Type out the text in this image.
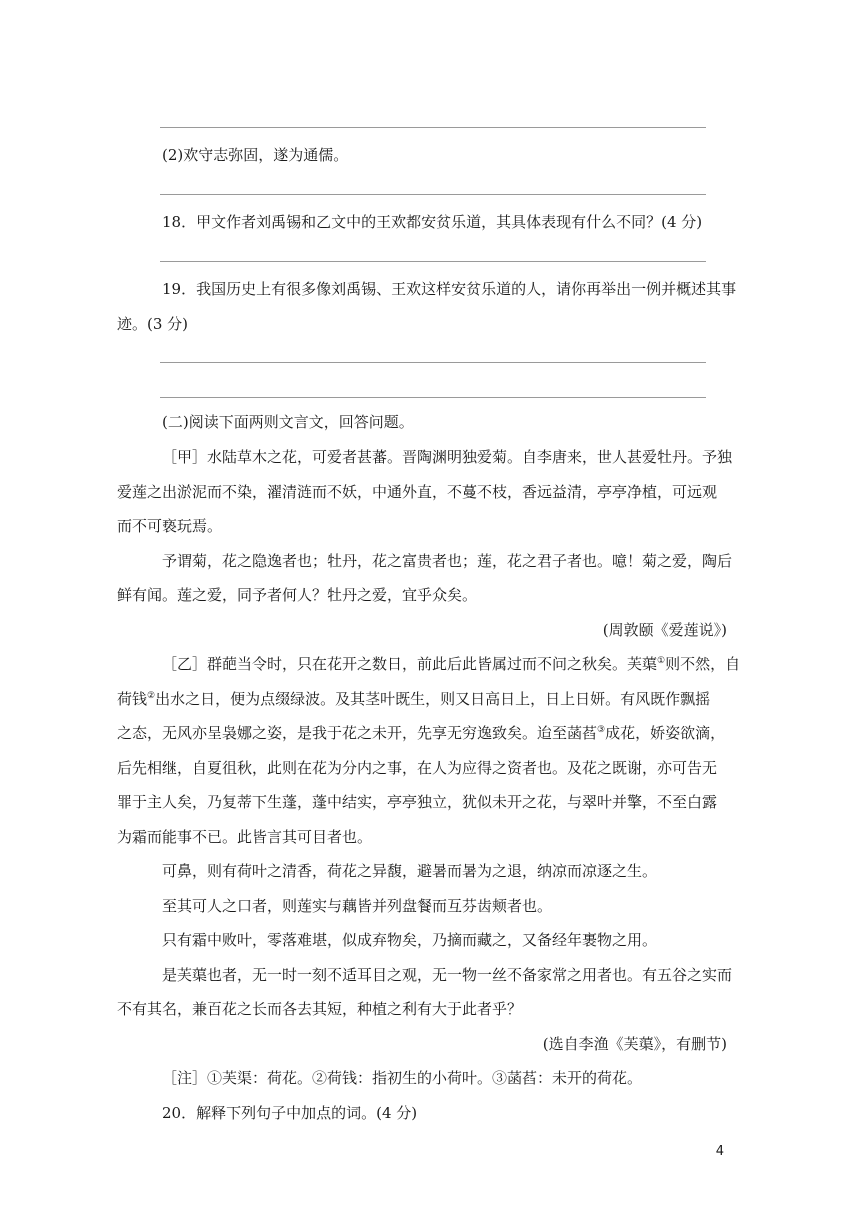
(2)欢守志弥固，遂为通儒。
18．甲文作者刘禹锡和乙文中的王欢都安贫乐道，其具体表现有什么不同？(4 分)
19．我国历史上有很多像刘禹锡、王欢这样安贫乐道的人，请你再举出一例并概述其事
迹。(3 分)
(二)阅读下面两则文言文，回答问题。
［甲］水陆草木之花，可爱者甚蕃。晋陶渊明独爱菊。自李唐来，世人甚爱牡丹。予独
爱莲之出淤泥而不染，濯清涟而不妖，中通外直，不蔓不枝，香远益清，亭亭净植，可远观
而不可亵玩焉。
予谓菊，花之隐逸者也；牡丹，花之富贵者也；莲，花之君子者也。噫！菊之爱，陶后
鲜有闻。莲之爱，同予者何人？牡丹之爱，宜乎众矣。
(周敦颐《爱莲说》)
［乙］群葩当令时，只在花开之数日，前此后此皆属过而不问之秋矣。芙蕖①则不然，自
荷钱②出水之日，便为点缀绿波。及其茎叶既生，则又日高日上，日上日妍。有风既作飘摇
之态，无风亦呈袅娜之姿，是我于花之未开，先享无穷逸致矣。迨至菡萏③成花，娇姿欲滴，
后先相继，自夏徂秋，此则在花为分内之事，在人为应得之资者也。及花之既谢，亦可告无
罪于主人矣，乃复蒂下生蓬，蓬中结实，亭亭独立，犹似未开之花，与翠叶并擎，不至白露
为霜而能事不已。此皆言其可目者也。
可鼻，则有荷叶之清香，荷花之异馥，避暑而暑为之退，纳凉而凉逐之生。
至其可人之口者，则莲实与藕皆并列盘餐而互芬齿颊者也。
只有霜中败叶，零落难堪，似成弃物矣，乃摘而藏之，又备经年裹物之用。
是芙蕖也者，无一时一刻不适耳目之观，无一物一丝不备家常之用者也。有五谷之实而
不有其名，兼百花之长而各去其短，种植之利有大于此者乎？
(选自李渔《芙蕖》，有删节)
［注］①芙渠：荷花。②荷钱：指初生的小荷叶。③菡萏：未开的荷花。
20．解释下列句子中加点的词。(4 分)
4
